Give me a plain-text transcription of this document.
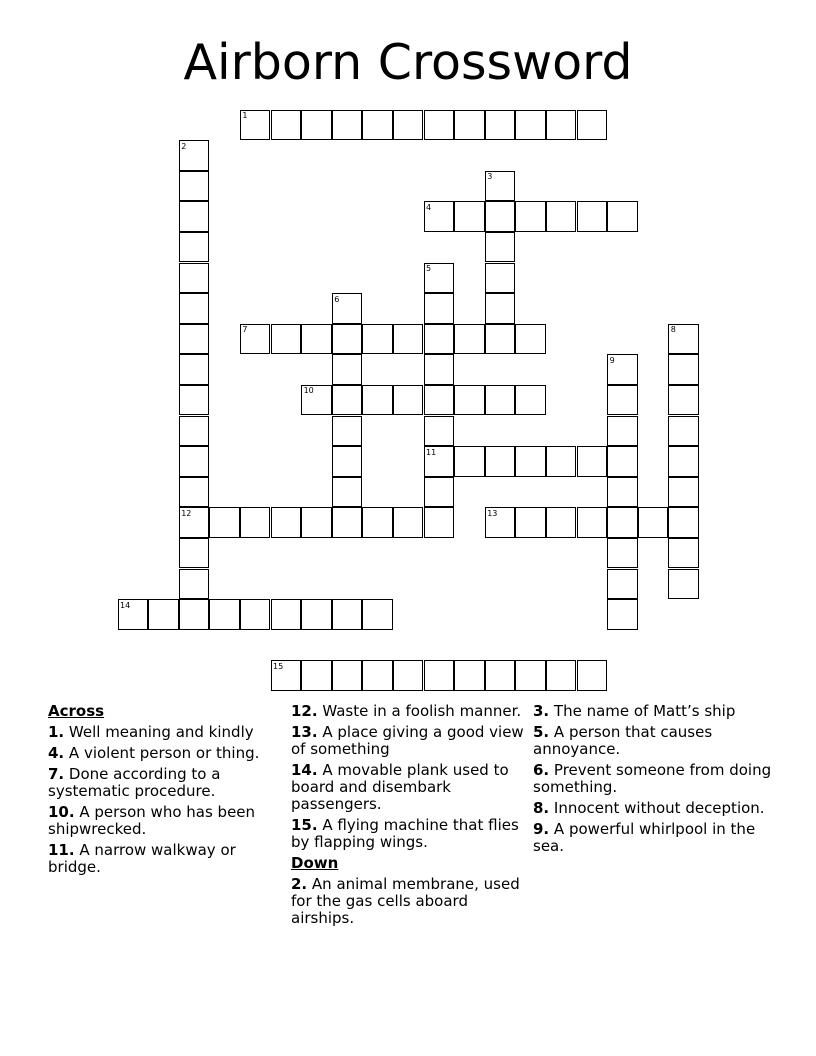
Airborn Crossword
1
2
12
3
4
5
11
6
7	8
9
10
13
14
15
Across
1. Well meaning and kindly
4. A violent person or thing.
7. Done according to a systematic procedure.
10. A person who has been shipwrecked.
11. A narrow walkway or bridge.
12. Waste in a foolish manner.
13. A place giving a good view of something
14. A movable plank used to board and disembark passengers.
15. A flying machine that flies by flapping wings.
Down
2. An animal membrane, used for the gas cells aboard airships.
3. The name of Matt’s ship
5. A person that causes annoyance.
6. Prevent someone from doing something.
8. Innocent without deception.
9. A powerful whirlpool in the sea.
